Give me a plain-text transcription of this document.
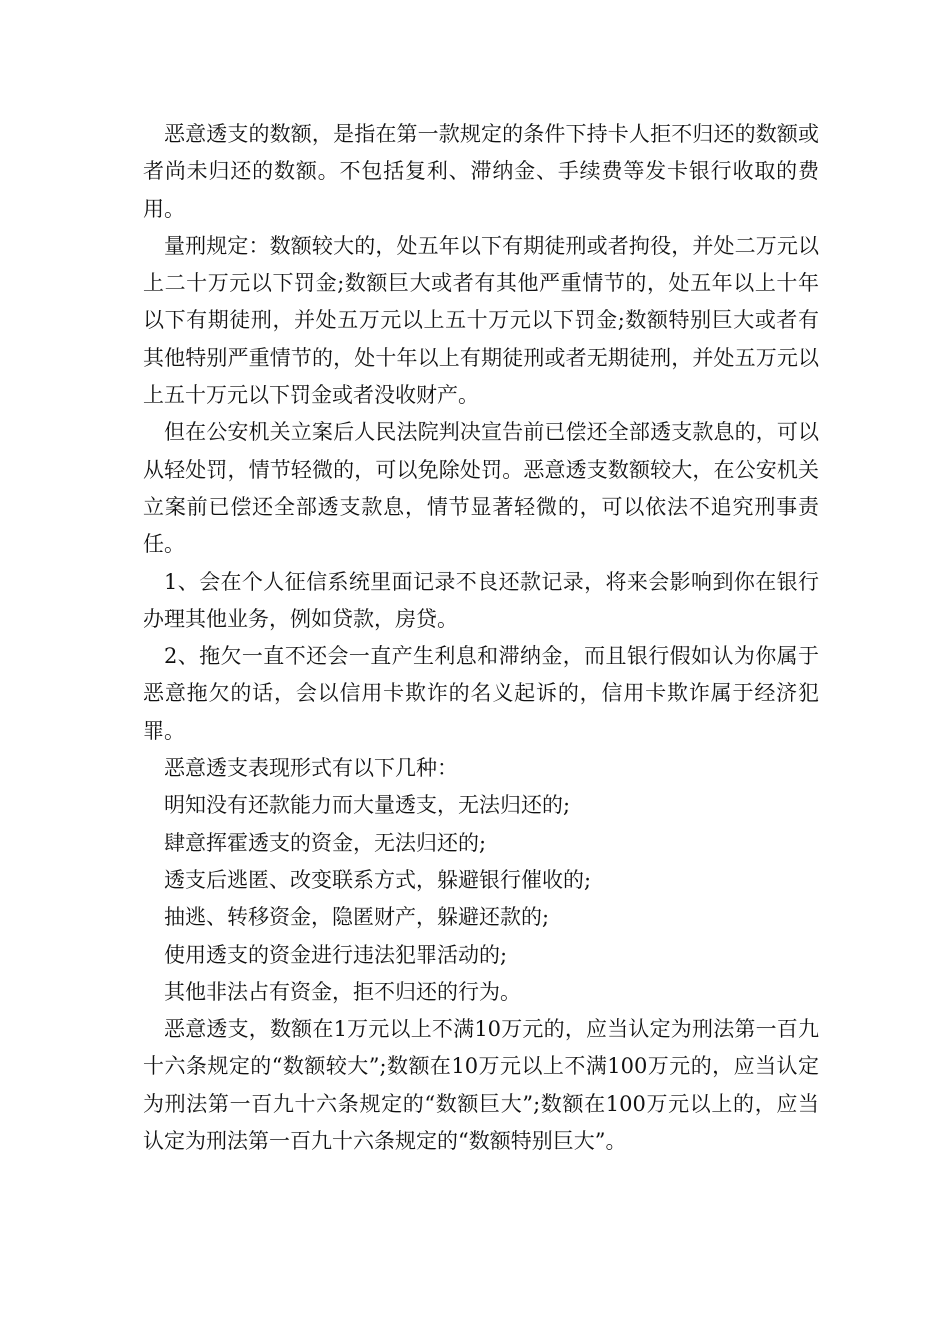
恶意透支的数额，是指在第一款规定的条件下持卡人拒不归还的数额或者尚未归还的数额。不包括复利、滞纳金、手续费等发卡银行收取的费用。

量刑规定：数额较大的，处五年以下有期徒刑或者拘役，并处二万元以上二十万元以下罚金;数额巨大或者有其他严重情节的，处五年以上十年以下有期徒刑，并处五万元以上五十万元以下罚金;数额特别巨大或者有其他特别严重情节的，处十年以上有期徒刑或者无期徒刑，并处五万元以上五十万元以下罚金或者没收财产。

但在公安机关立案后人民法院判决宣告前已偿还全部透支款息的，可以从轻处罚，情节轻微的，可以免除处罚。恶意透支数额较大，在公安机关立案前已偿还全部透支款息，情节显著轻微的，可以依法不追究刑事责任。

1、会在个人征信系统里面记录不良还款记录，将来会影响到你在银行办理其他业务，例如贷款，房贷。

2、拖欠一直不还会一直产生利息和滞纳金，而且银行假如认为你属于恶意拖欠的话，会以信用卡欺诈的名义起诉的，信用卡欺诈属于经济犯罪。

恶意透支表现形式有以下几种：

明知没有还款能力而大量透支，无法归还的;

肆意挥霍透支的资金，无法归还的;

透支后逃匿、改变联系方式，躲避银行催收的;

抽逃、转移资金，隐匿财产，躲避还款的;

使用透支的资金进行违法犯罪活动的;

其他非法占有资金，拒不归还的行为。

恶意透支，数额在1万元以上不满10万元的，应当认定为刑法第一百九十六条规定的“数额较大”;数额在10万元以上不满100万元的，应当认定为刑法第一百九十六条规定的“数额巨大”;数额在100万元以上的，应当认定为刑法第一百九十六条规定的“数额特别巨大”。
